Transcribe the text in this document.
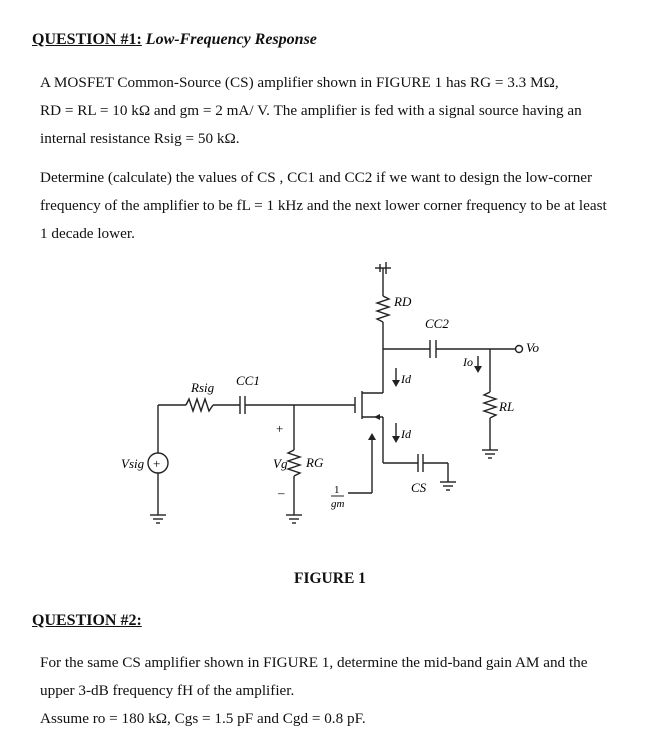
QUESTION #1: Low-Frequency Response
A MOSFET Common-Source (CS) amplifier shown in FIGURE 1 has RG = 3.3 MΩ,
RD = RL = 10 kΩ and gm = 2 mA/ V. The amplifier is fed with a signal source having an
internal resistance Rsig = 50 kΩ.
Determine (calculate) the values of CS , CC1 and CC2 if we want to design the low-corner
frequency of the amplifier to be fL = 1 kHz and the next lower corner frequency to be at least
1 decade lower.
+
Vsig
Rsig CC1
+
Vg
–
RG
1
gm
RD
CC2
Vo
Io
RL
Id
Id
CS
FIGURE 1
QUESTION #2:
For the same CS amplifier shown in FIGURE 1, determine the mid-band gain AM and the
upper 3-dB frequency fH of the amplifier.
Assume ro = 180 kΩ, Cgs = 1.5 pF and Cgd = 0.8 pF.
